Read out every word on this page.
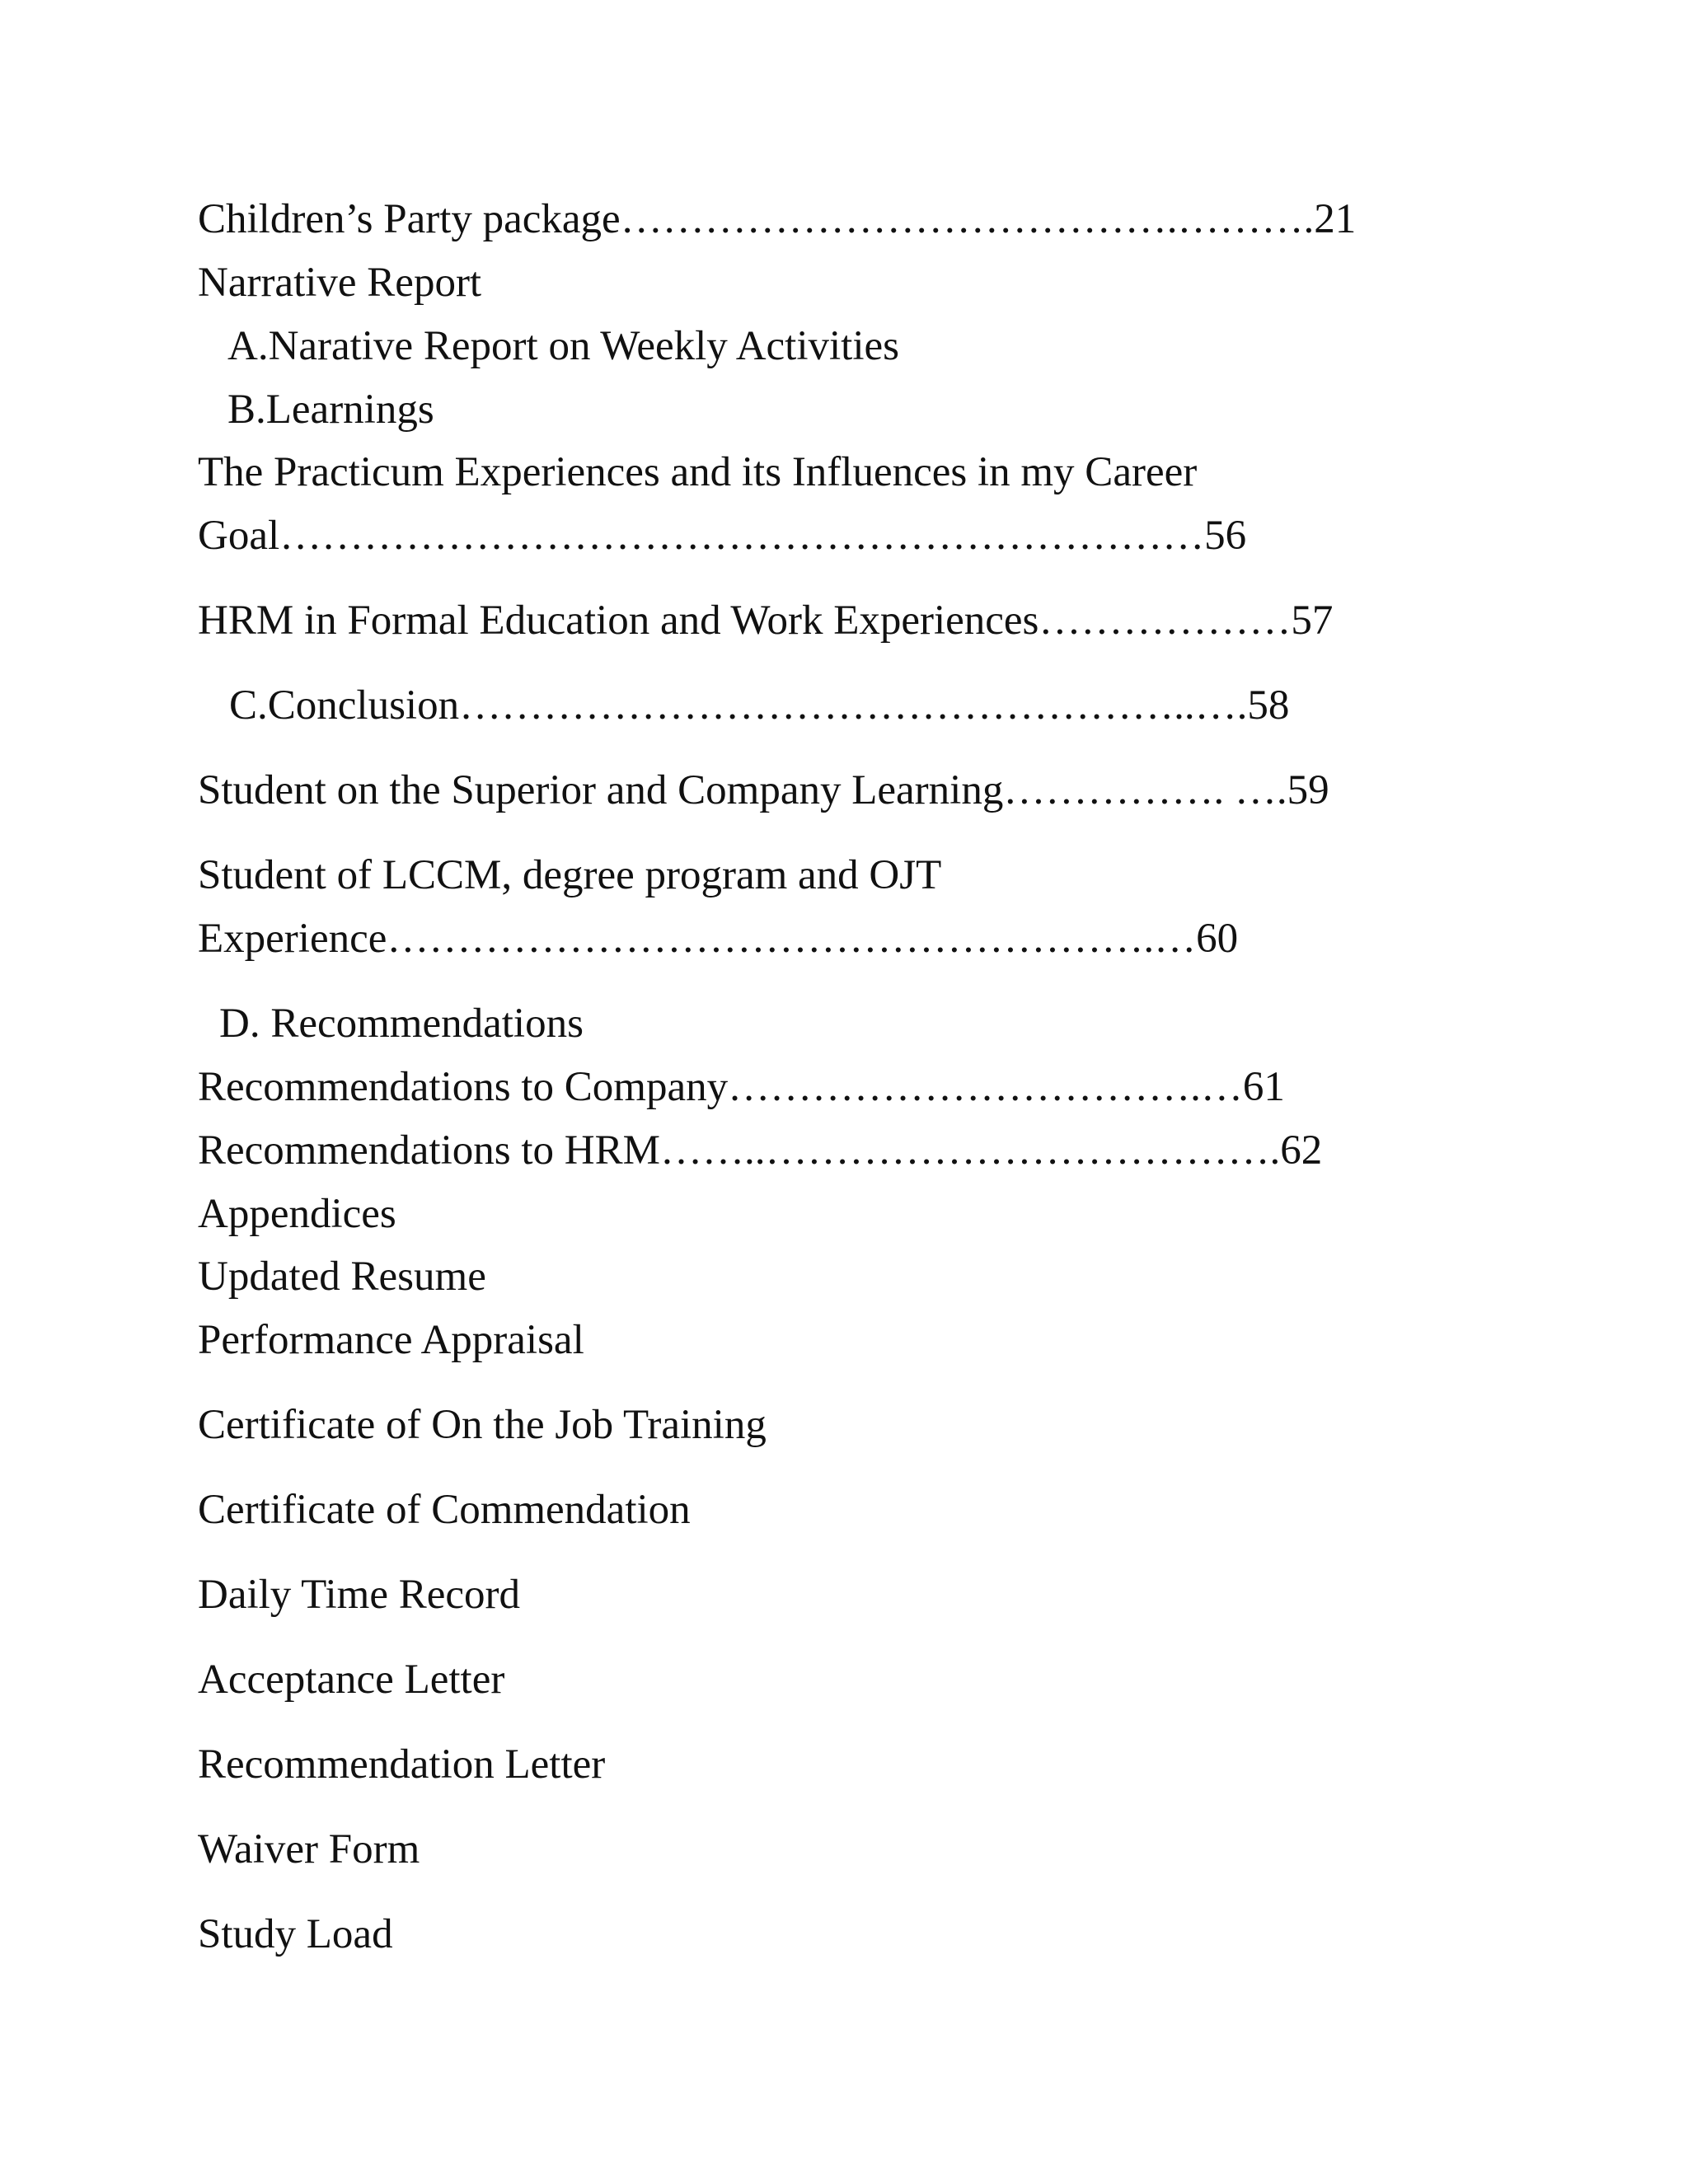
Children’s Party package………………………………….……….21

Narrative Report

A.Narative Report on Weekly Activities

B.Learnings

The Practicum Experiences and its Influences in my Career

Goal…………………………………………………………56

HRM in Formal Education and Work Experiences………………57

C.Conclusion……………………………………………..….58

Student on the Superior and Company Learning……………. ….59

Student of LCCM, degree program and OJT

Experience……………………………………………….…60

D. Recommendations

Recommendations to Company…………………………….…61

Recommendations to HRM……..……………………………….62

Appendices

Updated Resume

Performance Appraisal

Certificate of On the Job Training

Certificate of Commendation

Daily Time Record

Acceptance Letter

Recommendation Letter

Waiver Form

Study Load
